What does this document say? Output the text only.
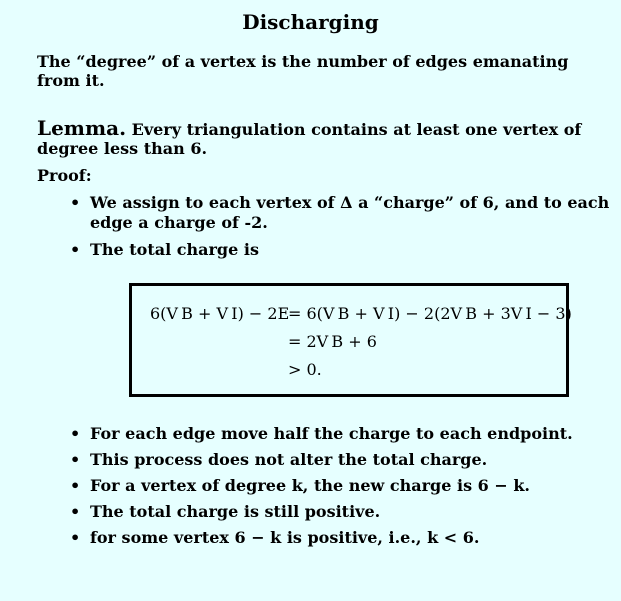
Discharging
The “degree” of a vertex is the number of edges emanating from it.
Lemma. Every triangulation contains at least one vertex of degree less than 6.
Proof:
• We assign to each vertex of Δ a “charge” of 6, and to each edge a charge of -2.
• The total charge is
6(V B + V I) − 2E
= 6(V B + V I) − 2(2V B + 3V I − 3)
= 2V B + 6
> 0.
• For each edge move half the charge to each endpoint.
• This process does not alter the total charge.
• For a vertex of degree k, the new charge is 6 − k.
• The total charge is still positive.
• for some vertex 6 − k is positive, i.e., k < 6.
